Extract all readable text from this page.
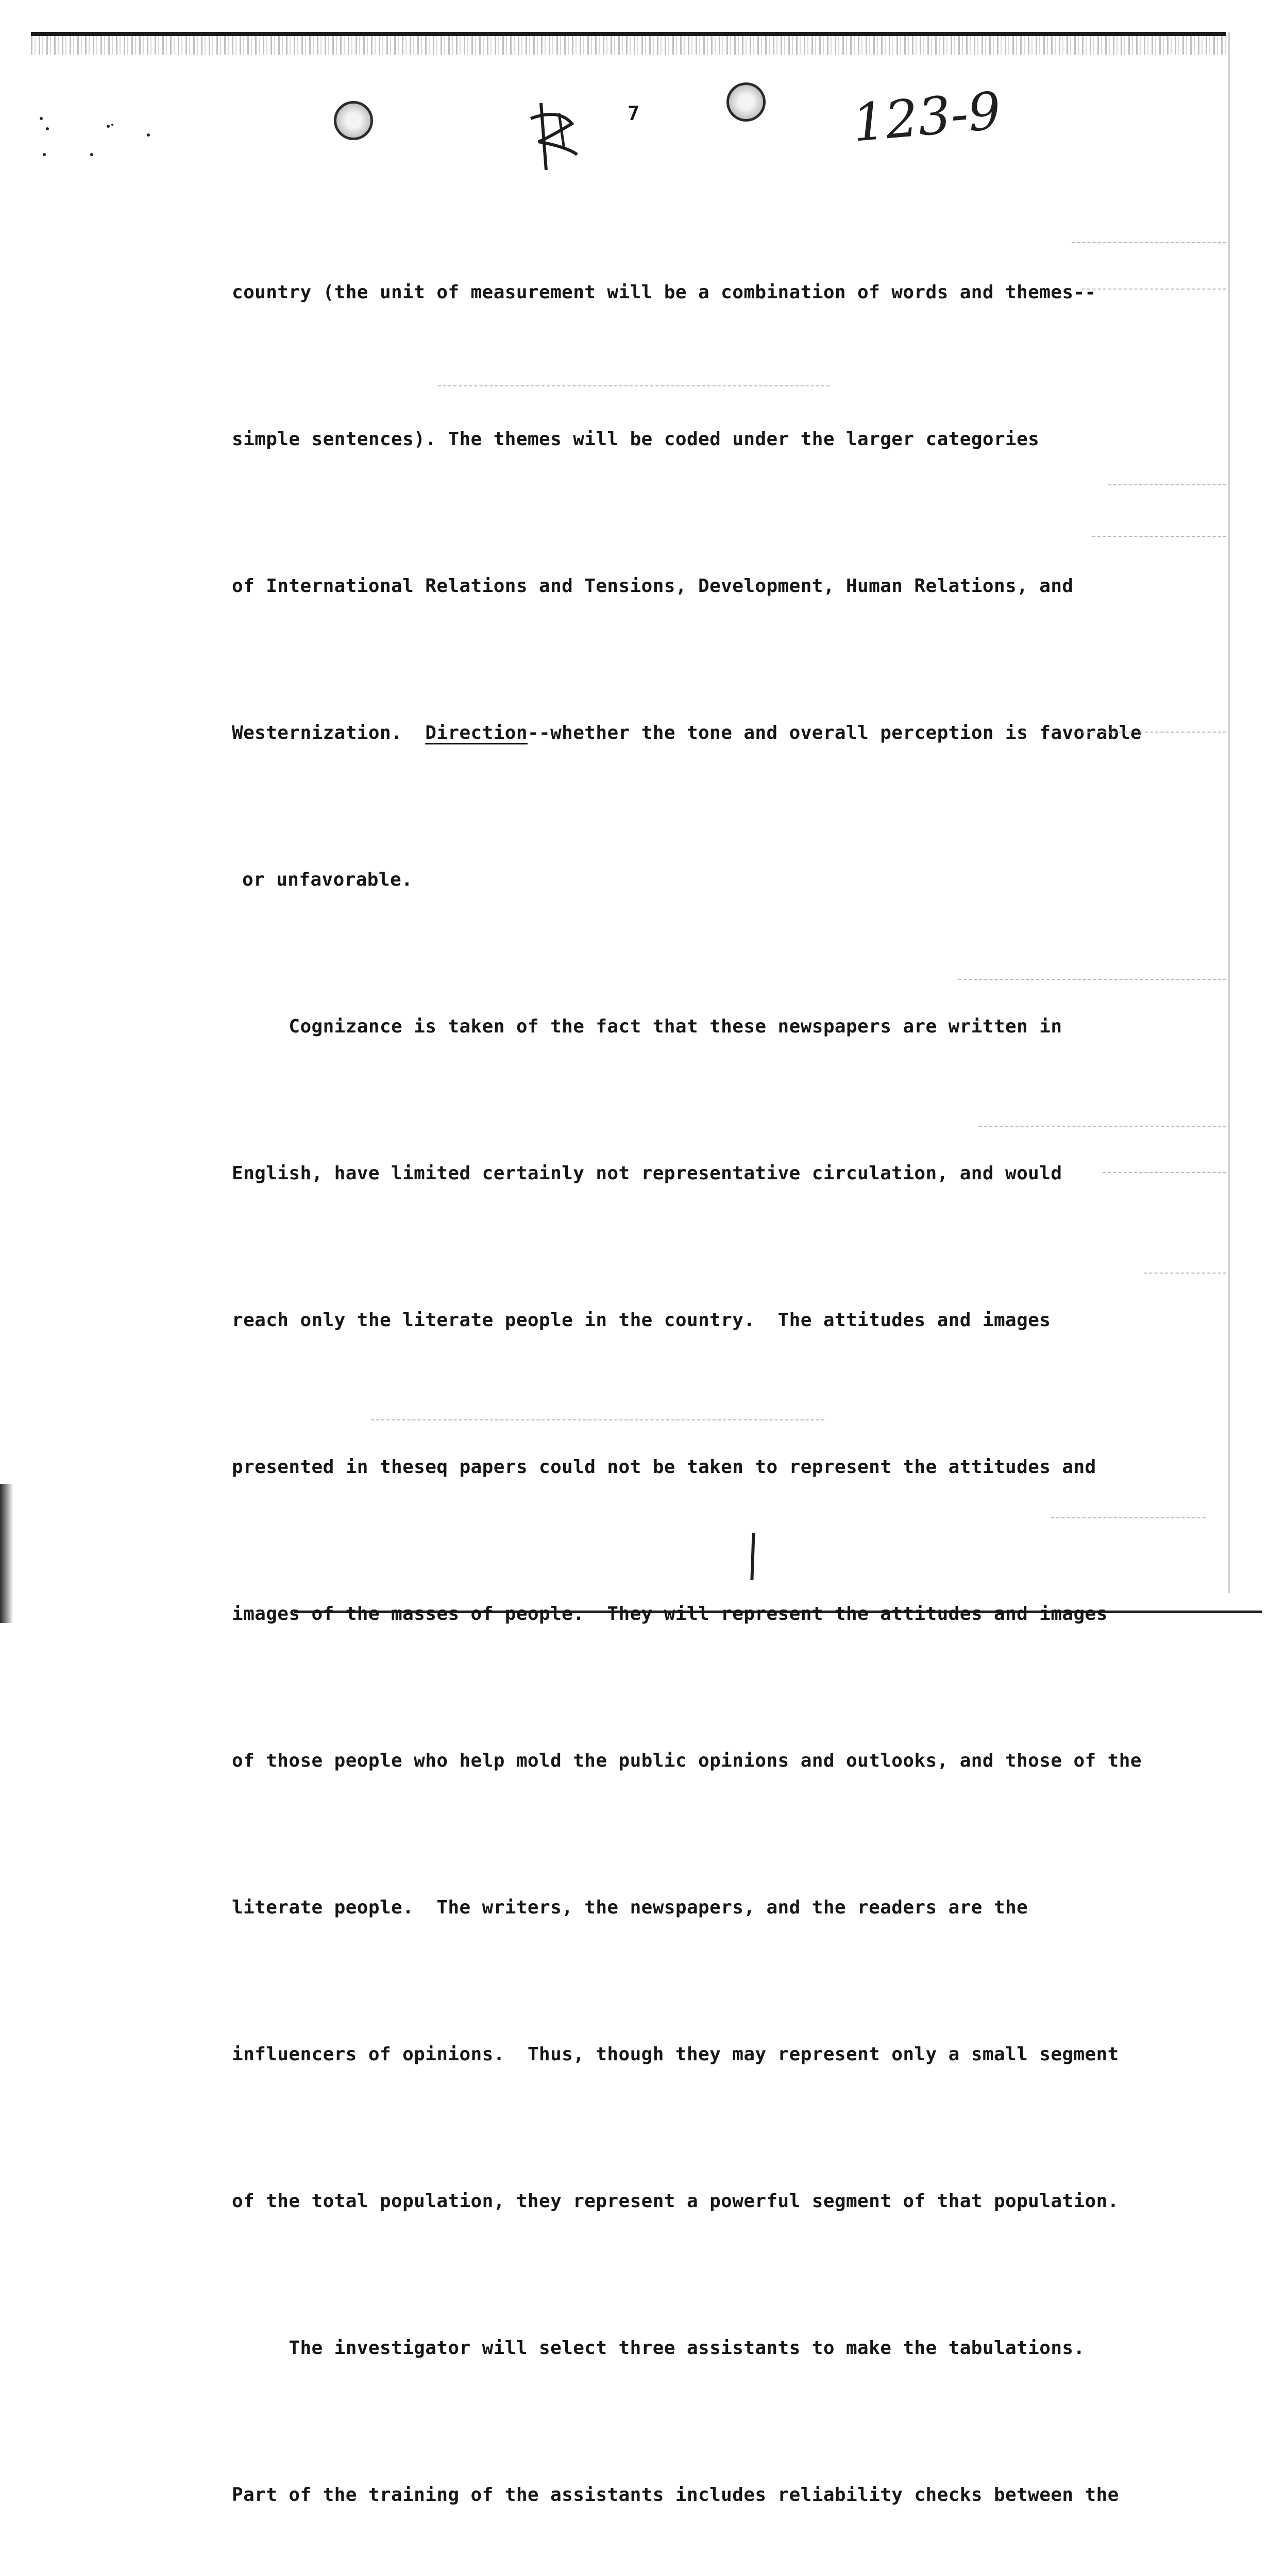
7	123-9

country (the unit of measurement will be a combination of words and themes--

simple sentences). The themes will be coded under the larger categories

of International Relations and Tensions, Development, Human Relations, and

Westernization.  Direction--whether the tone and overall perception is favorable

or unfavorable.

Cognizance is taken of the fact that these newspapers are written in

English, have limited certainly not representative circulation, and would

reach only the literate people in the country.  The attitudes and images

presented in theseq papers could not be taken to represent the attitudes and

images of the masses of people.  They will represent the attitudes and images

of those people who help mold the public opinions and outlooks, and those of the

literate people.  The writers, the newspapers, and the readers are the

influencers of opinions.  Thus, though they may represent only a small segment

of the total population, they represent a powerful segment of that population.

The investigator will select three assistants to make the tabulations.

Part of the training of the assistants includes reliability checks between the
